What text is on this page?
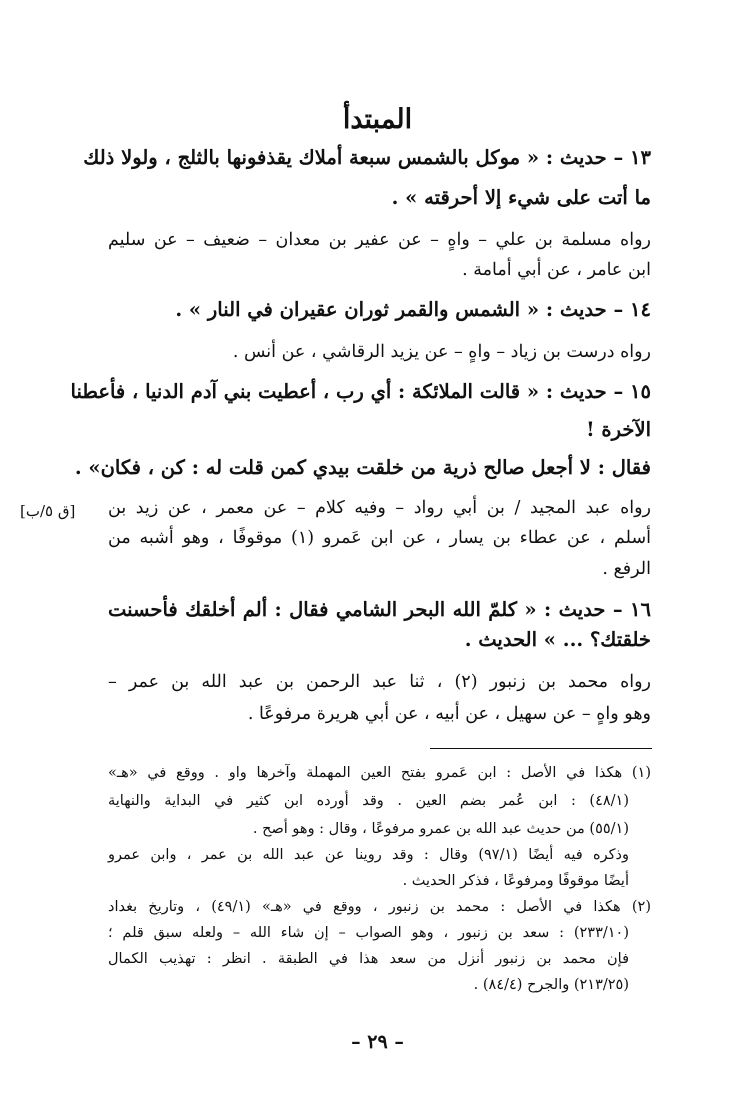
المبتدأ
١٣ – حديث : « موكل بالشمس سبعة أملاك يقذفونها بالثلج ، ولولا ذلك
ما أتت على شيء إلا أحرقته » .
رواه مسلمة بن علي – واهٍ – عن عفير بن معدان – ضعيف – عن سليم
ابن عامر ، عن أبي أمامة .
١٤ – حديث : « الشمس والقمر ثوران عقيران في النار » .
رواه درست بن زياد – واهٍ – عن يزيد الرقاشي ، عن أنس .
١٥ – حديث : « قالت الملائكة : أي رب ، أعطيت بني آدم الدنيا ، فأعطنا
الآخرة !
فقال : لا أجعل صالح ذرية من خلقت بيدي كمن قلت له : كن ، فكان» .
رواه عبد المجيد / بن أبي رواد – وفيه كلام – عن معمر ، عن زيد بن
[ق ٥/ب]
أسلم ، عن عطاء بن يسار ، عن ابن عَمرو (١) موقوفًا ، وهو أشبه من
الرفع .
١٦ – حديث : « كلمّ الله البحر الشامي فقال : ألم أخلقك فأحسنت
خلقتك؟ ... » الحديث .
رواه محمد بن زنبور (٢) ، ثنا عبد الرحمن بن عبد الله بن عمر –
وهو واهٍ – عن سهيل ، عن أبيه ، عن أبي هريرة مرفوعًا .
(١) هكذا في الأصل : ابن عَمرو بفتح العين المهملة وآخرها واو . ووقع في «هـ»
(٤٨/١) : ابن عُمر بضم العين . وقد أورده ابن كثير في البداية والنهاية
(٥٥/١) من حديث عبد الله بن عمرو مرفوعًا ، وقال : وهو أصح .
وذكره فيه أيضًا (٩٧/١) وقال : وقد روينا عن عبد الله بن عمر ، وابن عمرو
أيضًا موقوفًا ومرفوعًا ، فذكر الحديث .
(٢) هكذا في الأصل : محمد بن زنبور ، ووقع في «هـ» (٤٩/١) ، وتاريخ بغداد
(٢٣٣/١٠) : سعد بن زنبور ، وهو الصواب – إن شاء الله – ولعله سبق قلم ؛
فإن محمد بن زنبور أنزل من سعد هذا في الطبقة . انظر : تهذيب الكمال
(٢١٣/٢٥) والجرح (٨٤/٤) .
– ٢٩ –
